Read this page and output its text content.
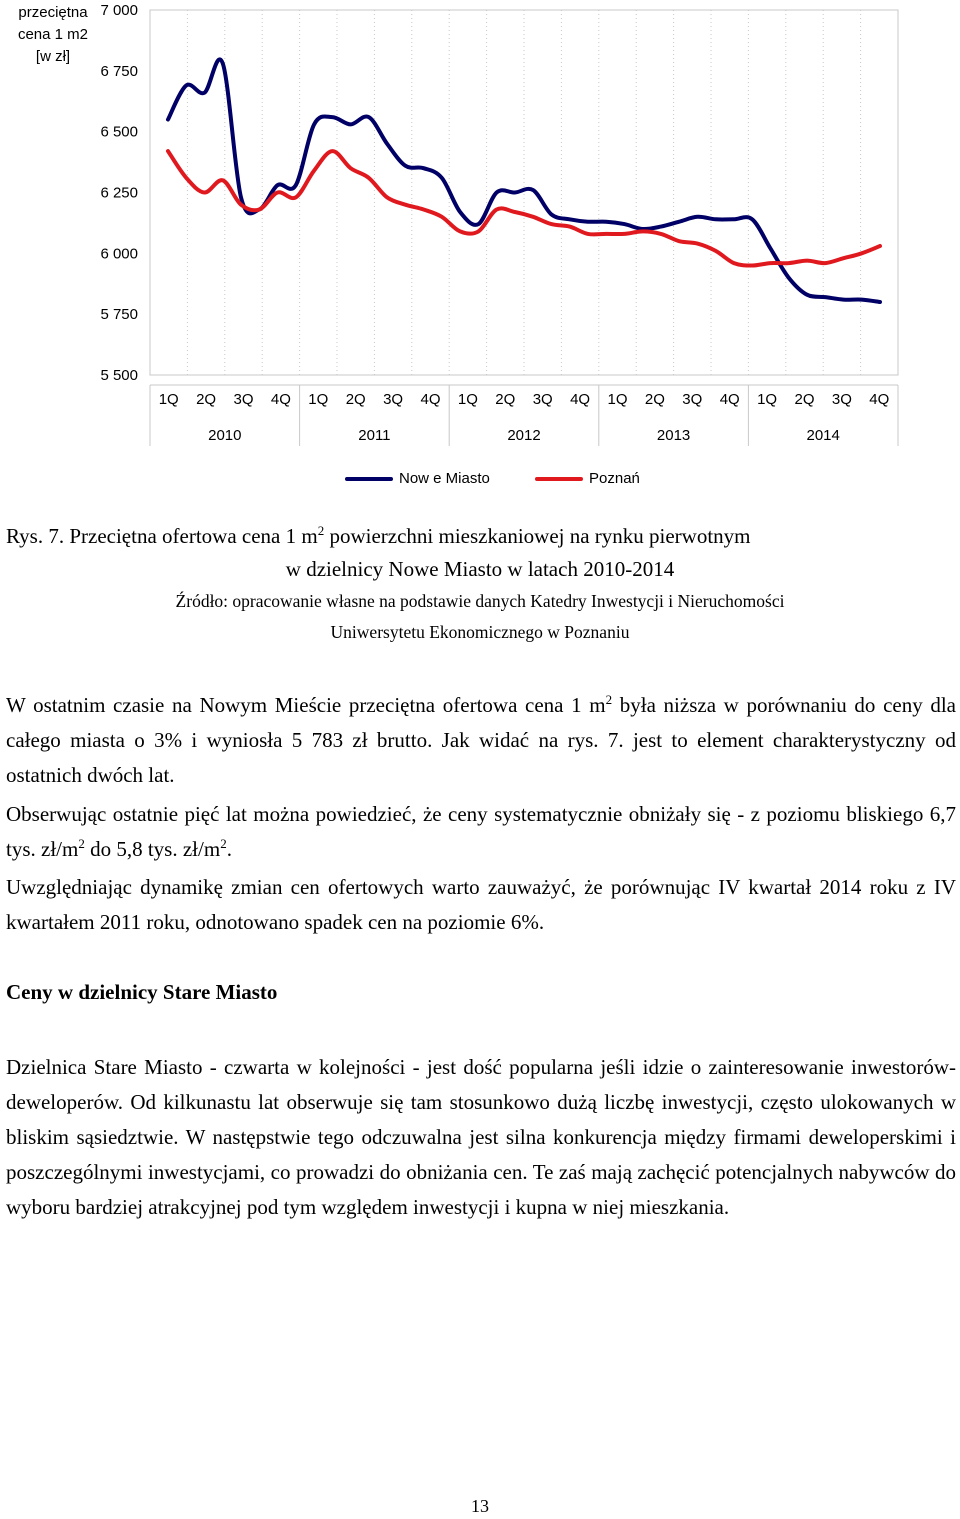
7 000
6 750
6 500
6 250
6 000
5 750
5 500
1Q 2Q 3Q 4Q 1Q 2Q 3Q 4Q 1Q 2Q 3Q 4Q 1Q 2Q 3Q 4Q 1Q 2Q 3Q 4Q
2010	2011	2012	2013	2014
przeciętna cena 1 m2 [w zł]
Now e Miasto	Poznań
Rys. 7. Przeciętna ofertowa cena 1 $m^2$ powierzchni mieszkaniowej na rynku pierwotnym
w dzielnicy Nowe Miasto w latach 2010-2014
Źródło: opracowanie własne na podstawie danych Katedry Inwestycji i Nieruchomości
Uniwersytetu Ekonomicznego w Poznaniu

W ostatnim czasie na Nowym Mieście przeciętna ofertowa cena 1 $m^2$ była niższa w porównaniu do ceny dla całego miasta o 3% i wyniosła 5 783 zł brutto. Jak widać na rys. 7. jest to element charakterystyczny od ostatnich dwóch lat.

Obserwując ostatnie pięć lat można powiedzieć, że ceny systematycznie obniżały się - z poziomu bliskiego 6,7 tys. $zł/m^2$ do 5,8 tys. $zł/m^2$.

Uwzględniając dynamikę zmian cen ofertowych warto zauważyć, że porównując IV kwartał 2014 roku z IV kwartałem 2011 roku, odnotowano spadek cen na poziomie 6%.

Ceny w dzielnicy Stare Miasto

Dzielnica Stare Miasto - czwarta w kolejności - jest dość popularna jeśli idzie o zainteresowanie inwestorów-deweloperów. Od kilkunastu lat obserwuje się tam stosunkowo dużą liczbę inwestycji, często ulokowanych w bliskim sąsiedztwie. W następstwie tego odczuwalna jest silna konkurencja między firmami deweloperskimi i poszczególnymi inwestycjami, co prowadzi do obniżania cen. Te zaś mają zachęcić potencjalnych nabywców do wyboru bardziej atrakcyjnej pod tym względem inwestycji i kupna w niej mieszkania.

13
